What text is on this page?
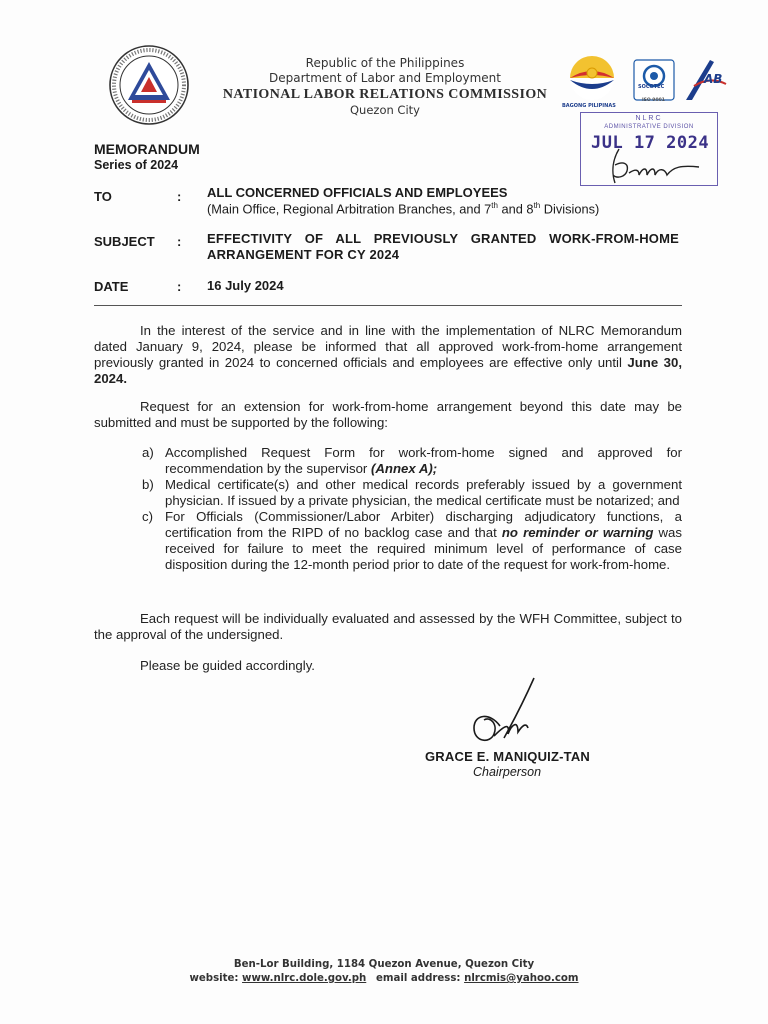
Republic of the Philippines
Department of Labor and Employment
NATIONAL LABOR RELATIONS COMMISSION
Quezon City	BAGONG PILIPINAS
SOCOTEC
ISO 9001
AB
NLRC
ADMINISTRATIVE DIVISION
JUL 17 2024
MEMORANDUM
Series of 2024
TO	: ALL CONCERNED OFFICIALS AND EMPLOYEES
(Main Office, Regional Arbitration Branches, and 7th and 8th Divisions)
SUBJECT : EFFECTIVITY OF ALL PREVIOUSLY GRANTED WORK-FROM-HOME ARRANGEMENT FOR CY 2024
DATE	: 16 July 2024
In the interest of the service and in line with the implementation of NLRC Memorandum dated January 9, 2024, please be informed that all approved work-from-home arrangement previously granted in 2024 to concerned officials and employees are effective only until June 30, 2024.
Request for an extension for work-from-home arrangement beyond this date may be submitted and must be supported by the following:
a) Accomplished Request Form for work-from-home signed and approved for recommendation by the supervisor (Annex A);
b) Medical certificate(s) and other medical records preferably issued by a government physician. If issued by a private physician, the medical certificate must be notarized; and
c) For Officials (Commissioner/Labor Arbiter) discharging adjudicatory functions, a certification from the RIPD of no backlog case and that no reminder or warning was received for failure to meet the required minimum level of performance of case disposition during the 12-month period prior to date of the request for work-from-home.
Each request will be individually evaluated and assessed by the WFH Committee, subject to the approval of the undersigned.
Please be guided accordingly.
GRACE E. MANIQUIZ-TAN
Chairperson
Ben-Lor Building, 1184 Quezon Avenue, Quezon City
website: www.nlrc.dole.gov.ph email address: nlrcmis@yahoo.com
